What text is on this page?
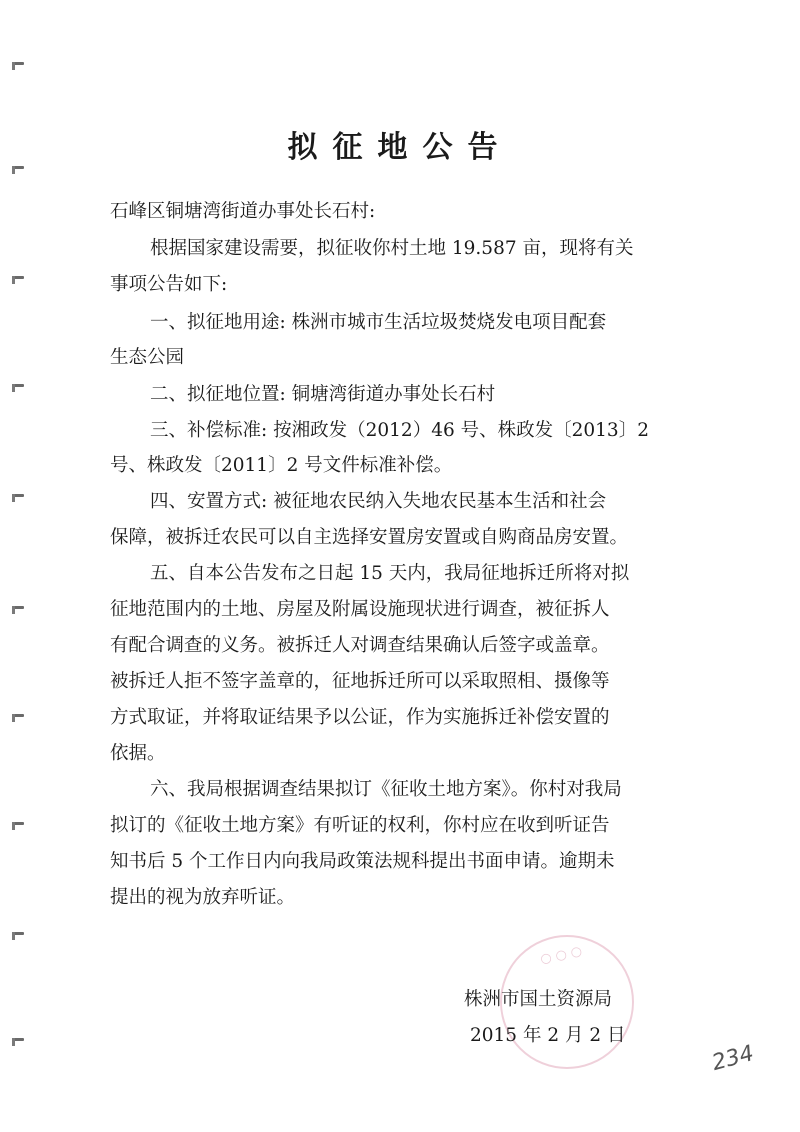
拟征地公告
石峰区铜塘湾街道办事处长石村:
根据国家建设需要，拟征收你村土地 19.587 亩，现将有关
事项公告如下:
一、拟征地用途: 株洲市城市生活垃圾焚烧发电项目配套
生态公园
二、拟征地位置: 铜塘湾街道办事处长石村
三、补偿标准: 按湘政发（2012）46 号、株政发〔2013〕2
号、株政发〔2011〕2 号文件标准补偿。
四、安置方式: 被征地农民纳入失地农民基本生活和社会
保障，被拆迁农民可以自主选择安置房安置或自购商品房安置。
五、自本公告发布之日起 15 天内，我局征地拆迁所将对拟
征地范围内的土地、房屋及附属设施现状进行调查，被征拆人
有配合调查的义务。被拆迁人对调查结果确认后签字或盖章。
被拆迁人拒不签字盖章的，征地拆迁所可以采取照相、摄像等
方式取证，并将取证结果予以公证，作为实施拆迁补偿安置的
依据。
六、我局根据调查结果拟订《征收土地方案》。你村对我局
拟订的《征收土地方案》有听证的权利，你村应在收到听证告
知书后 5 个工作日内向我局政策法规科提出书面申请。逾期未
提出的视为放弃听证。
○ ○ ○
株洲市国土资源局
2015 年 2 月 2 日
234
